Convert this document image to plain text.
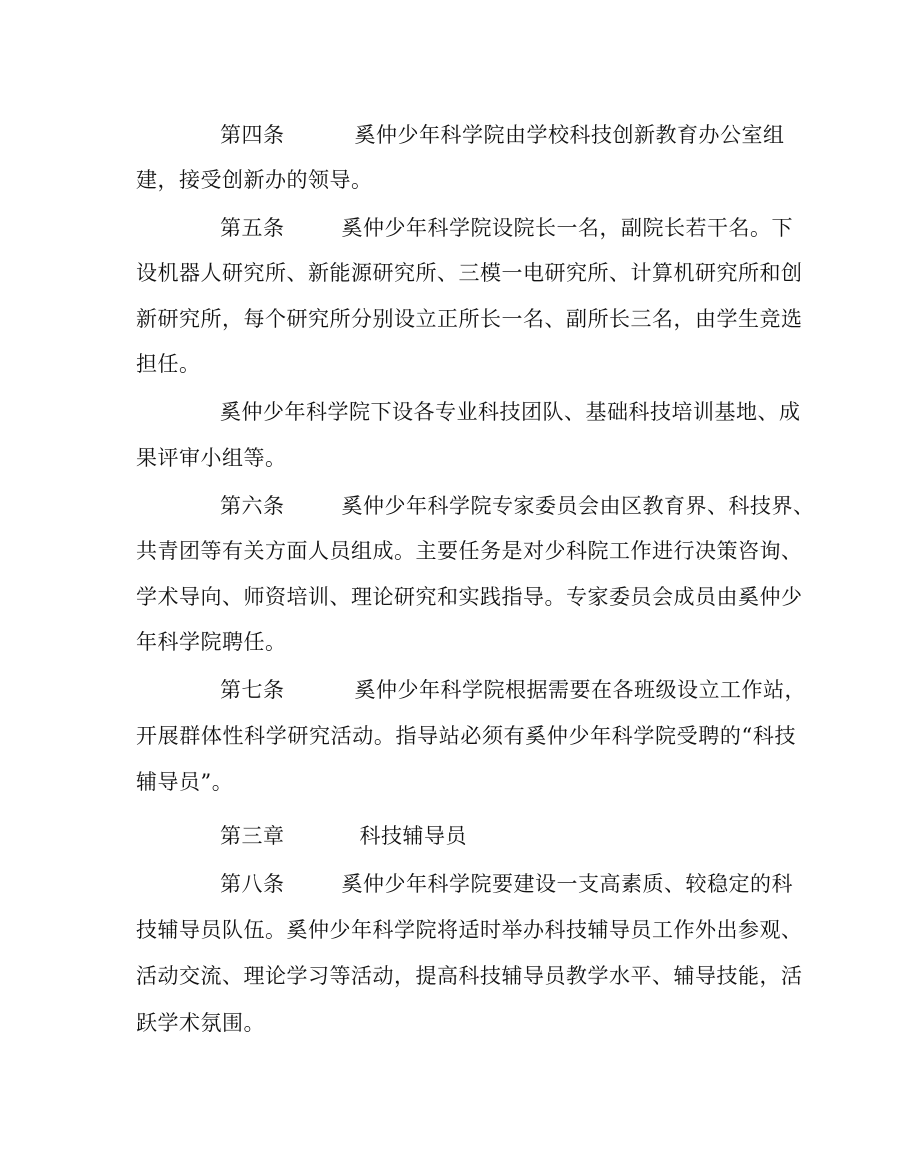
第四条	奚仲少年科学院由学校科技创新教育办公室组
建，接受创新办的领导。
第五条	奚仲少年科学院设院长一名，副院长若干名。下
设机器人研究所、新能源研究所、三模一电研究所、计算机研究所和创
新研究所，每个研究所分别设立正所长一名、副所长三名，由学生竞选
担任。
奚仲少年科学院下设各专业科技团队、基础科技培训基地、成
果评审小组等。
第六条	奚仲少年科学院专家委员会由区教育界、科技界、
共青团等有关方面人员组成。主要任务是对少科院工作进行决策咨询、
学术导向、师资培训、理论研究和实践指导。专家委员会成员由奚仲少
年科学院聘任。
第七条	奚仲少年科学院根据需要在各班级设立工作站，
开展群体性科学研究活动。指导站必须有奚仲少年科学院受聘的“科技
辅导员”。
第三章	科技辅导员
第八条	奚仲少年科学院要建设一支高素质、较稳定的科
技辅导员队伍。奚仲少年科学院将适时举办科技辅导员工作外出参观、
活动交流、理论学习等活动，提高科技辅导员教学水平、辅导技能，活
跃学术氛围。
